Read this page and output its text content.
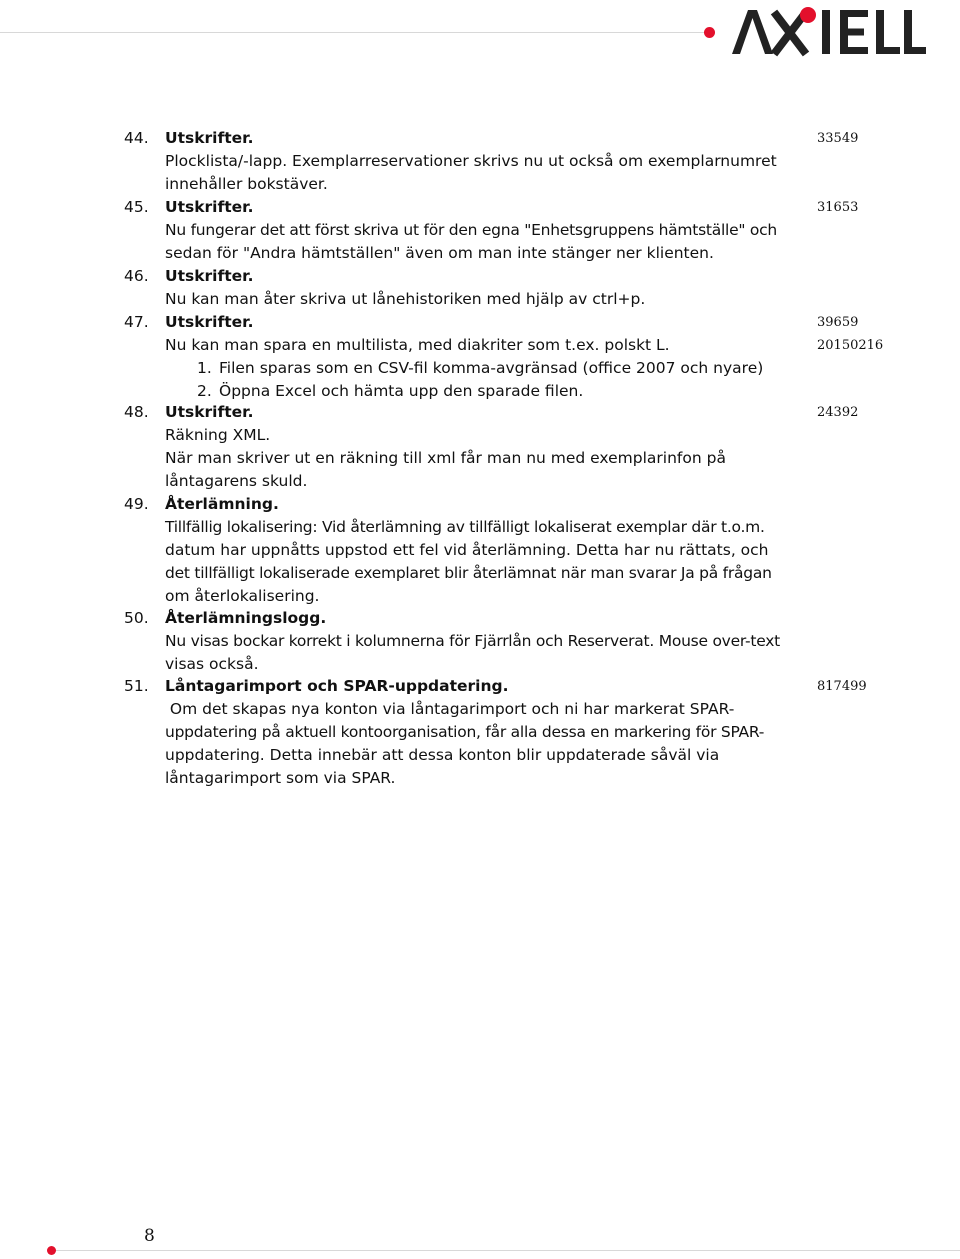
44. Utskrifter.
Plocklista/-lapp. Exemplarreservationer skrivs nu ut också om exemplarnumret
innehåller bokstäver.
33549
45. Utskrifter.
Nu fungerar det att först skriva ut för den egna "Enhetsgruppens hämtställe" och
sedan för "Andra hämtställen" även om man inte stänger ner klienten.
31653
46. Utskrifter.
Nu kan man åter skriva ut lånehistoriken med hjälp av ctrl+p.
47. Utskrifter.
Nu kan man spara en multilista, med diakriter som t.ex. polskt L.
1. Filen sparas som en CSV-fil komma-avgränsad (office 2007 och nyare)
2. Öppna Excel och hämta upp den sparade filen.
39659
20150216
48. Utskrifter.
Räkning XML.
När man skriver ut en räkning till xml får man nu med exemplarinfon på
låntagarens skuld.
24392
49. Återlämning.
Tillfällig lokalisering: Vid återlämning av tillfälligt lokaliserat exemplar där t.o.m.
datum har uppnåtts uppstod ett fel vid återlämning. Detta har nu rättats, och
det tillfälligt lokaliserade exemplaret blir återlämnat när man svarar Ja på frågan
om återlokalisering.
50. Återlämningslogg.
Nu visas bockar korrekt i kolumnerna för Fjärrlån och Reserverat. Mouse over-text
visas också.
51. Låntagarimport och SPAR-uppdatering.
Om det skapas nya konton via låntagarimport och ni har markerat SPAR-
uppdatering på aktuell kontoorganisation, får alla dessa en markering för SPAR-
uppdatering. Detta innebär att dessa konton blir uppdaterade såväl via
låntagarimport som via SPAR.
817499
8
